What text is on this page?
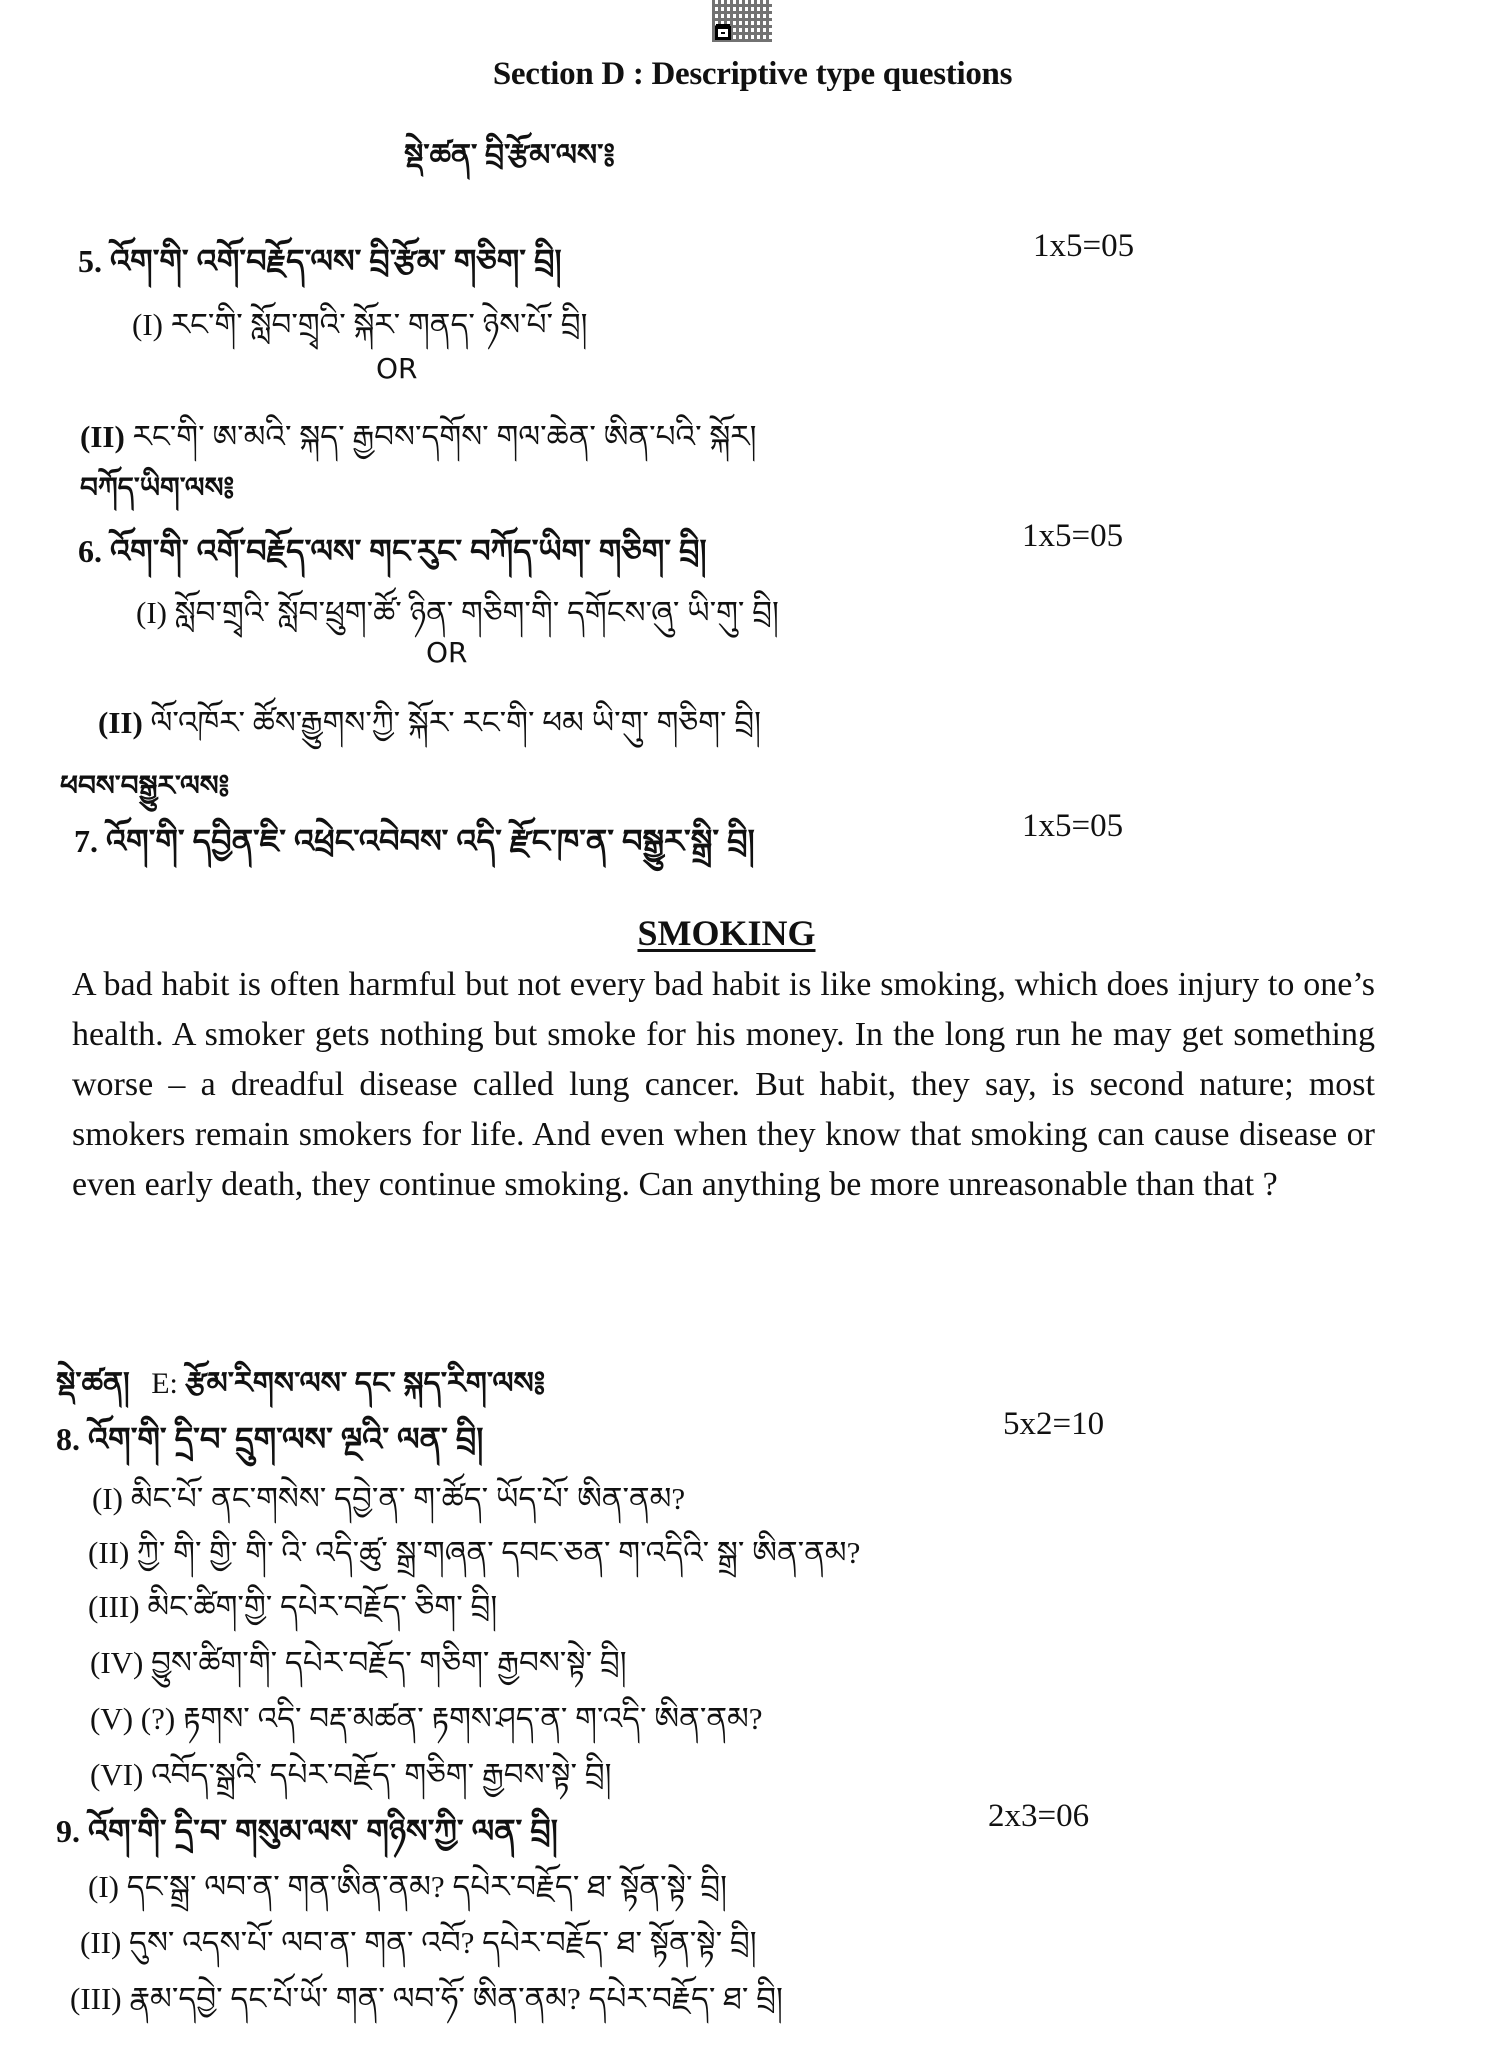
Section D : Descriptive type questions
སྡེ་ཚན་ བྲི་རྩོམ་ལས་༔
5. འོག་གི་ འགོ་བརྗོད་ལས་ བྲི་རྩོམ་ གཅིག་ བྲི།	1x5=05
(I) རང་གི་ སློབ་གྲྭའི་ སྐོར་ གནད་ ཉེས་པོ་ བྲི།
OR
(II) རང་གི་ ཨ་མའི་ སྐད་ རྒྱབས་དགོས་ གལ་ཆེན་ ཨིན་པའི་ སྐོར།
བཀོད་ཡིག་ལས༔
6. འོག་གི་ འགོ་བརྗོད་ལས་ གང་རུང་ བཀོད་ཡིག་ གཅིག་ བྲི།	1x5=05
(I) སློབ་གྲྭའི་ སློབ་ཕྲུག་ཚོ་ ཉིན་ གཅིག་གི་ དགོངས་ཞུ་ ཡི་གུ་ བྲི།
OR
(II) ལོ་འཁོར་ ཚོས་རྒྱུགས་ཀྱི་ སྐོར་ རང་གི་ ཕམ ཡི་གུ་ གཅིག་ བྲི།
ཕབས་བསྒྱུར་ལས༔
7. འོག་གི་ དབྱིན་ཇི་ འཕྲེང་འབེབས་ འདི་ རྫོང་ཁ་ན་ བསྒྱུར་སྒྲི་ བྲི།	1x5=05
SMOKING
A bad habit is often harmful but not every bad habit is like smoking, which does injury to one’s health. A smoker gets nothing but smoke for his money. In the long run he may get something worse – a dreadful disease called lung cancer. But habit, they say, is second nature; most smokers remain smokers for life. And even when they know that smoking can cause disease or even early death, they continue smoking. Can anything be more unreasonable than that ?
སྡེ་ཚན། E: རྩོམ་རིགས་ལས་ དང་ སྐད་རིག་ལས༔
8. འོག་གི་ དྲི་བ་ དྲུག་ལས་ ལྔའི་ ལན་ བྲི།	5x2=10
(I) མིང་པོ་ ནང་གསེས་ དབྱེ་ན་ ག་ཚོད་ ཡོད་པོ་ ཨིན་ནམ?
(II) ཀྱི་ གི་ གྱི་ གི་ འི་ འདི་ཚུ་ སྒྲ་གཞན་ དབང་ཅན་ ག་འདིའི་ སྒྲ་ ཨིན་ནམ?
(III) མིང་ཚིག་གྱི་ དཔེར་བརྗོད་ ཅིག་ བྲི།
(IV) བྱུས་ཚིག་གི་ དཔེར་བརྗོད་ གཅིག་ རྒྱབས་སྟེ་ བྲི།
(V) (?) རྟགས་ འདི་ བརྡ་མཚན་ རྟགས་ཤད་ན་ ག་འདི་ ཨིན་ནམ?
(VI) འབོད་སྒྲའི་ དཔེར་བརྗོད་ གཅིག་ རྒྱབས་སྟེ་ བྲི།
9. འོག་གི་ དྲི་བ་ གསུམ་ལས་ གཉིས་ཀྱི་ ལན་ བྲི།	2x3=06
(I) དང་སྒྲ་ ལབ་ན་ གན་ཨིན་ནམ? དཔེར་བརྗོད་ ཐ་ སྟོན་སྟེ་ བྲི།
(II) དུས་ འདས་པོ་ ལབ་ན་ གན་ འབོ? དཔེར་བརྗོད་ ཐ་ སྟོན་སྟེ་ བྲི།
(III) རྣམ་དབྱེ་ དང་པོ་ཡོ་ གན་ ལབ་ཧོ་ ཨིན་ནམ? དཔེར་བརྗོད་ ཐ་ བྲི།
